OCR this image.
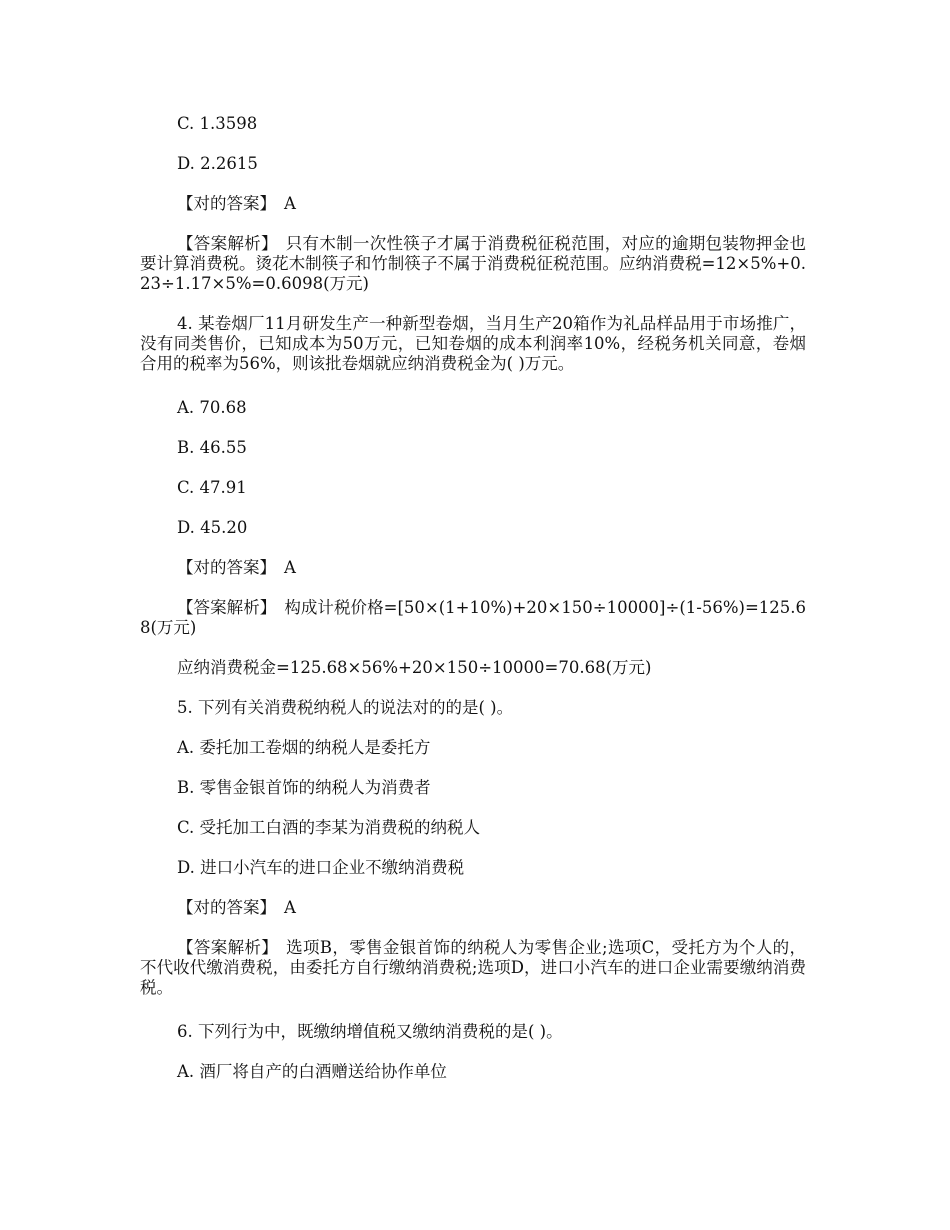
C. 1.3598
D. 2.2615
【对的答案】 A
【答案解析】 只有木制一次性筷子才属于消费税征税范围，对应的逾期包装物押金也要计算消费税。烫花木制筷子和竹制筷子不属于消费税征税范围。应纳消费税=12×5%+0.23÷1.17×5%=0.6098(万元)
4. 某卷烟厂11月研发生产一种新型卷烟，当月生产20箱作为礼品样品用于市场推广，没有同类售价，已知成本为50万元，已知卷烟的成本利润率10%，经税务机关同意，卷烟合用的税率为56%，则该批卷烟就应纳消费税金为( )万元。
A. 70.68
B. 46.55
C. 47.91
D. 45.20
【对的答案】 A
【答案解析】 构成计税价格=[50×(1+10%)+20×150÷10000]÷(1-56%)=125.68(万元)
应纳消费税金=125.68×56%+20×150÷10000=70.68(万元)
5. 下列有关消费税纳税人的说法对的的是( )。
A. 委托加工卷烟的纳税人是委托方
B. 零售金银首饰的纳税人为消费者
C. 受托加工白酒的李某为消费税的纳税人
D. 进口小汽车的进口企业不缴纳消费税
【对的答案】 A
【答案解析】 选项B，零售金银首饰的纳税人为零售企业;选项C，受托方为个人的，不代收代缴消费税，由委托方自行缴纳消费税;选项D，进口小汽车的进口企业需要缴纳消费税。
6. 下列行为中，既缴纳增值税又缴纳消费税的是( )。
A. 酒厂将自产的白酒赠送给协作单位
